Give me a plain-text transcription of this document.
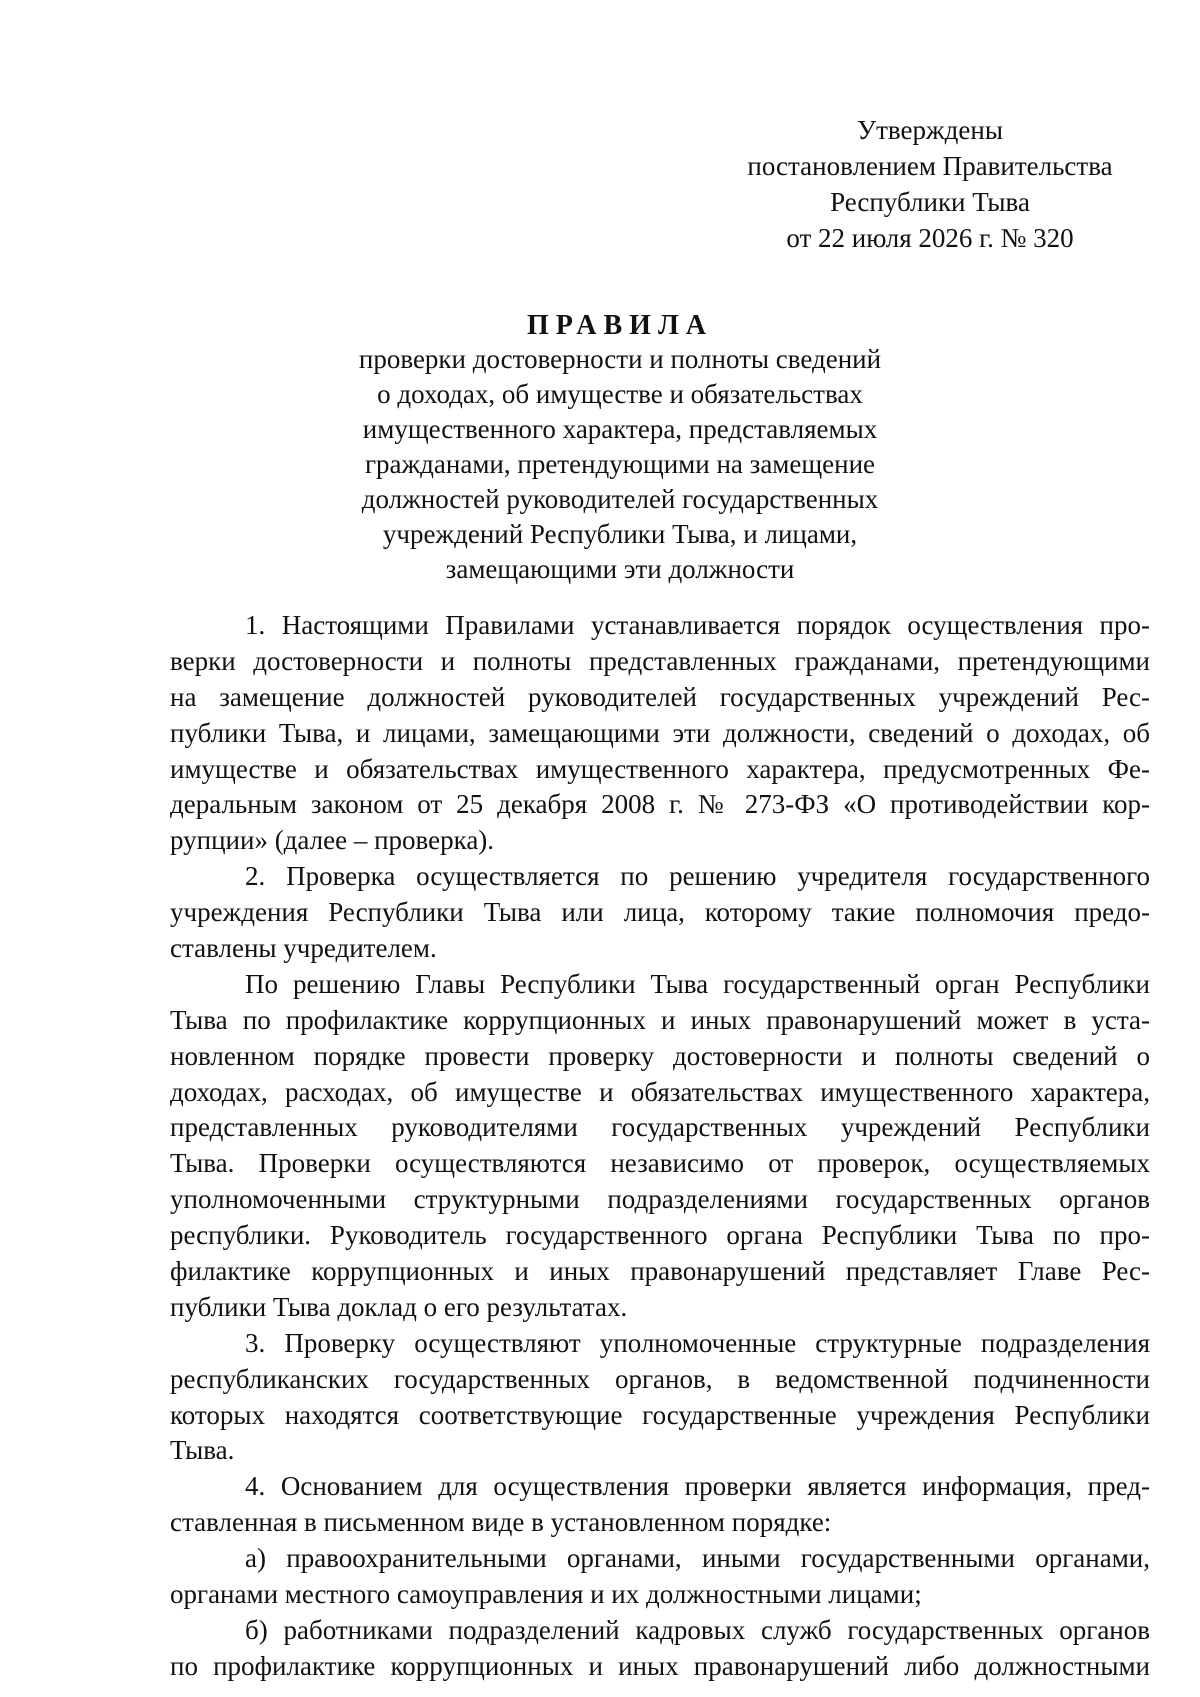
Утверждены
постановлением Правительства
Республики Тыва
от 22 июля 2026 г. № 320
ПРАВИЛА
проверки достоверности и полноты сведений
о доходах, об имуществе и обязательствах
имущественного характера, представляемых
гражданами, претендующими на замещение
должностей руководителей государственных
учреждений Республики Тыва, и лицами,
замещающими эти должности
1. Настоящими Правилами устанавливается порядок осуществления про-
верки достоверности и полноты представленных гражданами, претендующими
на замещение должностей руководителей государственных учреждений Рес-
публики Тыва, и лицами, замещающими эти должности, сведений о доходах, об
имуществе и обязательствах имущественного характера, предусмотренных Фе-
деральным законом от 25 декабря 2008 г. № 273-ФЗ «О противодействии кор-
рупции» (далее – проверка).
2. Проверка осуществляется по решению учредителя государственного
учреждения Республики Тыва или лица, которому такие полномочия предо-
ставлены учредителем.
По решению Главы Республики Тыва государственный орган Республики
Тыва по профилактике коррупционных и иных правонарушений может в уста-
новленном порядке провести проверку достоверности и полноты сведений о
доходах, расходах, об имуществе и обязательствах имущественного характера,
представленных руководителями государственных учреждений Республики
Тыва. Проверки осуществляются независимо от проверок, осуществляемых
уполномоченными структурными подразделениями государственных органов
республики. Руководитель государственного органа Республики Тыва по про-
филактике коррупционных и иных правонарушений представляет Главе Рес-
публики Тыва доклад о его результатах.
3. Проверку осуществляют уполномоченные структурные подразделения
республиканских государственных органов, в ведомственной подчиненности
которых находятся соответствующие государственные учреждения Республики
Тыва.
4. Основанием для осуществления проверки является информация, пред-
ставленная в письменном виде в установленном порядке:
а) правоохранительными органами, иными государственными органами,
органами местного самоуправления и их должностными лицами;
б) работниками подразделений кадровых служб государственных органов
по профилактике коррупционных и иных правонарушений либо должностными
